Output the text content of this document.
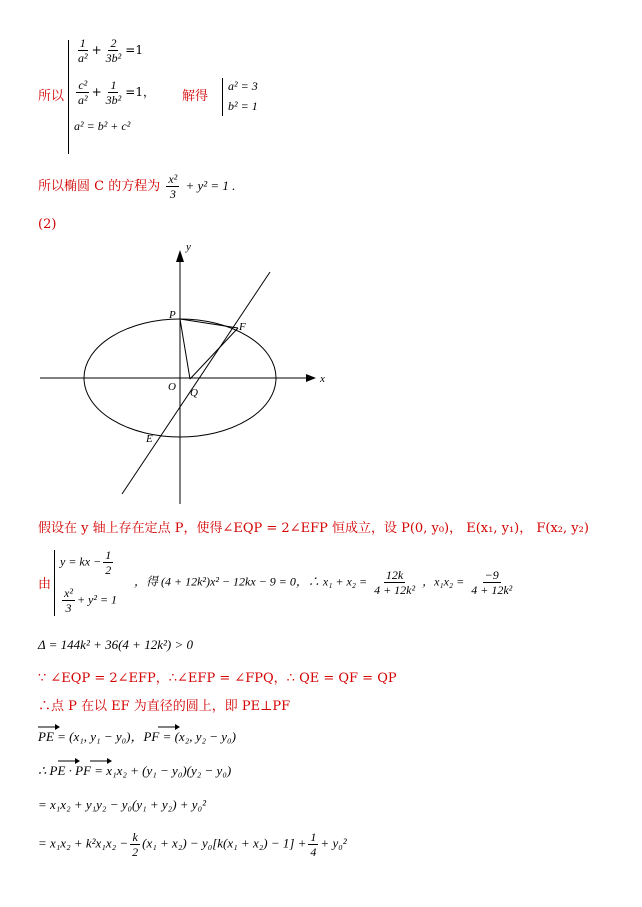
所以
$\frac{1}{\text{a²}} + \frac{2}{\text{3b²}} =1$
$\frac{\text{c²}}{\text{a²}} + \frac{1}{\text{3b²}} =1$，
a² = b² + c²
解得
a² = 3
b² = 1
所以椭圆 C 的方程为 $\frac{\text{x²}}{3} + y^2 = 1$ .
(2)
x
y
P
F
O Q
E
假设在 y 轴上存在定点 P，使得∠EQP = 2∠EFP 恒成立，设 P(0, y₀)， E(x₁, y₁)， F(x₂, y₂)
由
y = kx − $\frac{1}{2}$
$\frac{\text{x²}}{3} + y^2 = 1$
，得 (4 + 12k²)x² − 12kx − 9 = 0，∴ $x_1 + x_2 = \frac{12k}{\text{4 + 12k²}}$ ，$x_1x_2 = \frac{-9}{\text{4 + 12k²}}$
Δ = 144k² + 36(4 + 12k²) > 0
∵ ∠EQP = 2∠EFP，∴∠EFP = ∠FPQ，∴ QE = QF = QP
∴点 P 在以 EF 为直径的圆上，即 PE⊥PF
PE = (x₁, y₁ − y₀)，PF = (x₂, y₂ − y₀)
∴ PE · PF = x₁x₂ + (y₁ − y₀)(y₂ − y₀)
= x₁x₂ + y₁y₂ − y₀(y₁ + y₂) + y₀²
= $x_1x_2 + k^2x_1x_2 - \frac{k}{2} (x_1 + x_2) - y_0[k(x_1 + x_2) - 1] + \frac{1}{4} + y_0^2$
